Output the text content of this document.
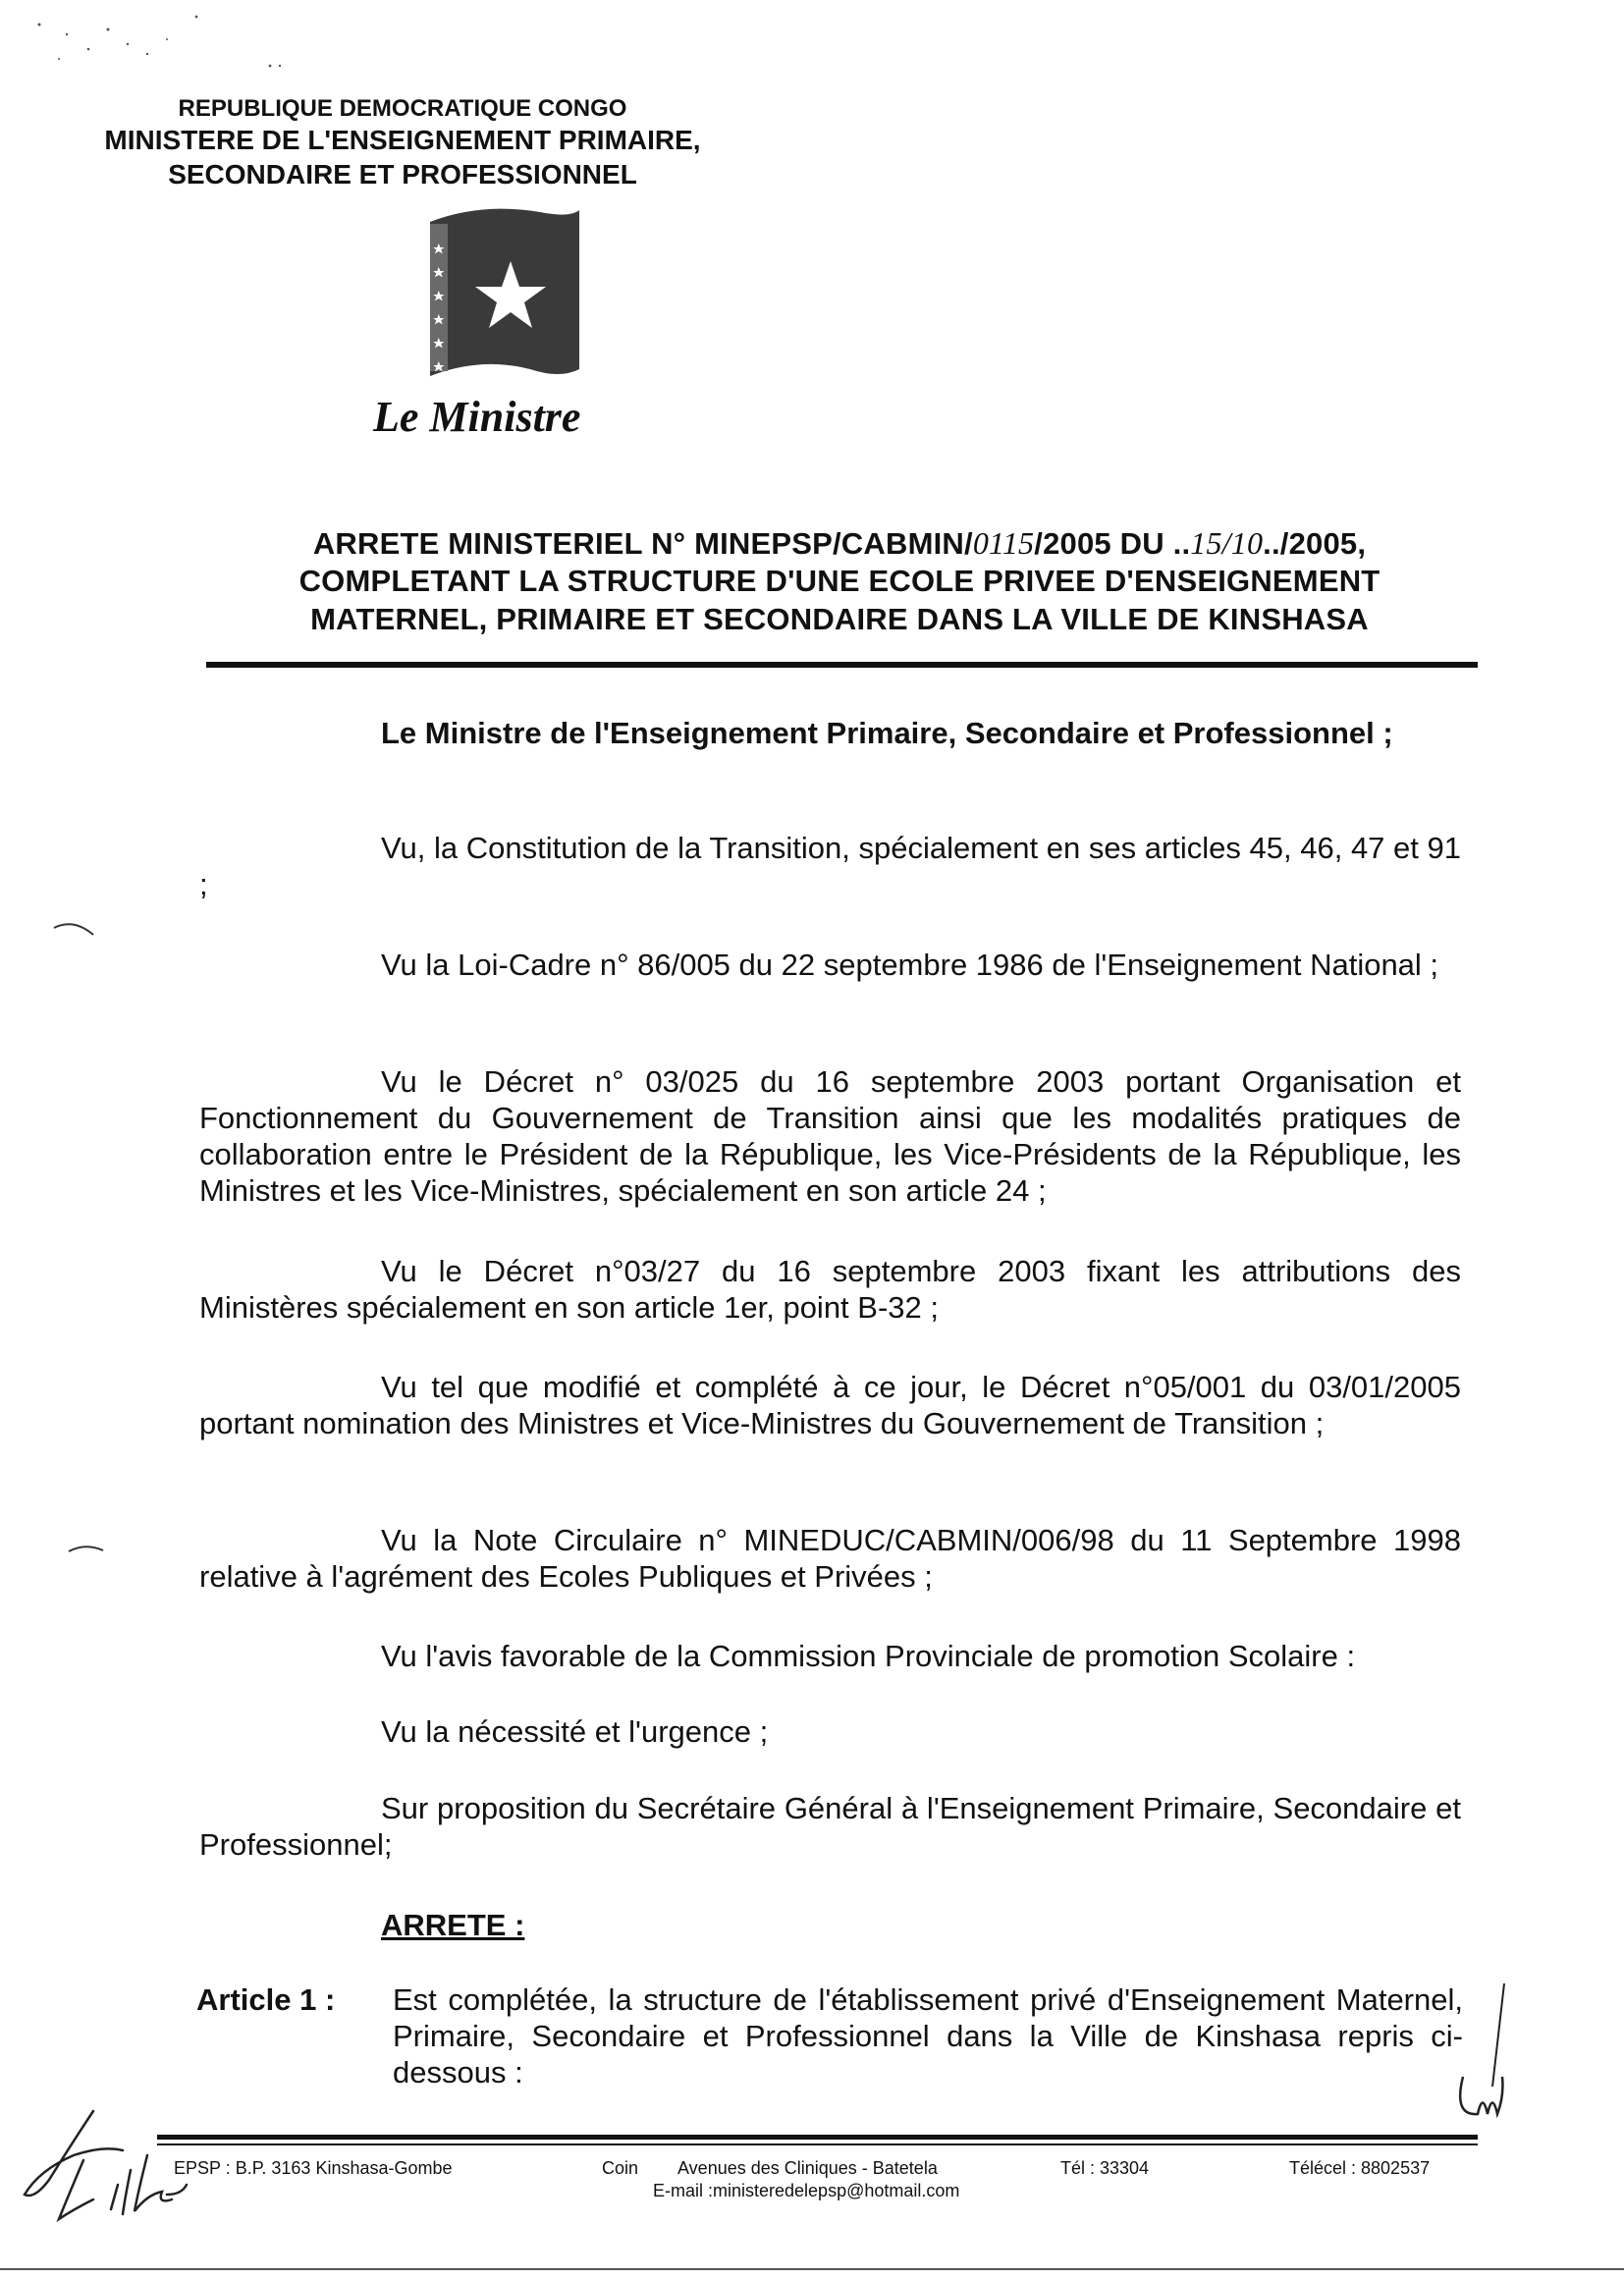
REPUBLIQUE DEMOCRATIQUE CONGO
MINISTERE DE L'ENSEIGNEMENT PRIMAIRE,
SECONDAIRE ET PROFESSIONNEL
Le Ministre
ARRETE MINISTERIEL N° MINEPSP/CABMIN/0115/2005 DU ..15/10../2005,
COMPLETANT LA STRUCTURE D'UNE ECOLE PRIVEE D'ENSEIGNEMENT
MATERNEL, PRIMAIRE ET SECONDAIRE DANS LA VILLE DE KINSHASA
Le Ministre de l'Enseignement Primaire, Secondaire et Professionnel ;
Vu, la Constitution de la Transition, spécialement en ses articles 45, 46, 47 et 91 ;
Vu la Loi-Cadre n° 86/005 du 22 septembre 1986 de l'Enseignement National ;
Vu le Décret n° 03/025 du 16 septembre 2003 portant Organisation et Fonctionnement du Gouvernement de Transition ainsi que les modalités pratiques de collaboration entre le Président de la République, les Vice-Présidents de la République, les Ministres et les Vice-Ministres, spécialement en son article 24 ;
Vu le Décret n°03/27 du 16 septembre 2003 fixant les attributions des Ministères spécialement en son article 1er, point B-32 ;
Vu tel que modifié et complété à ce jour, le Décret n°05/001 du 03/01/2005 portant nomination des Ministres et Vice-Ministres du Gouvernement de Transition ;
Vu la Note Circulaire n° MINEDUC/CABMIN/006/98 du 11 Septembre 1998 relative à l'agrément des Ecoles Publiques et Privées ;
Vu l'avis favorable de la Commission Provinciale de promotion Scolaire :
Vu la nécessité et l'urgence ;
Sur proposition du Secrétaire Général à l'Enseignement Primaire, Secondaire et Professionnel;
ARRETE :
Article 1 : Est complétée, la structure de l'établissement privé d'Enseignement Maternel, Primaire, Secondaire et Professionnel dans la Ville de Kinshasa repris ci-dessous :
EPSP : B.P. 3163 Kinshasa-Gombe	Coin Avenues des Cliniques - Batetela
E-mail :ministeredelepsp@hotmail.com
Tél : 33304	Télécel : 8802537
